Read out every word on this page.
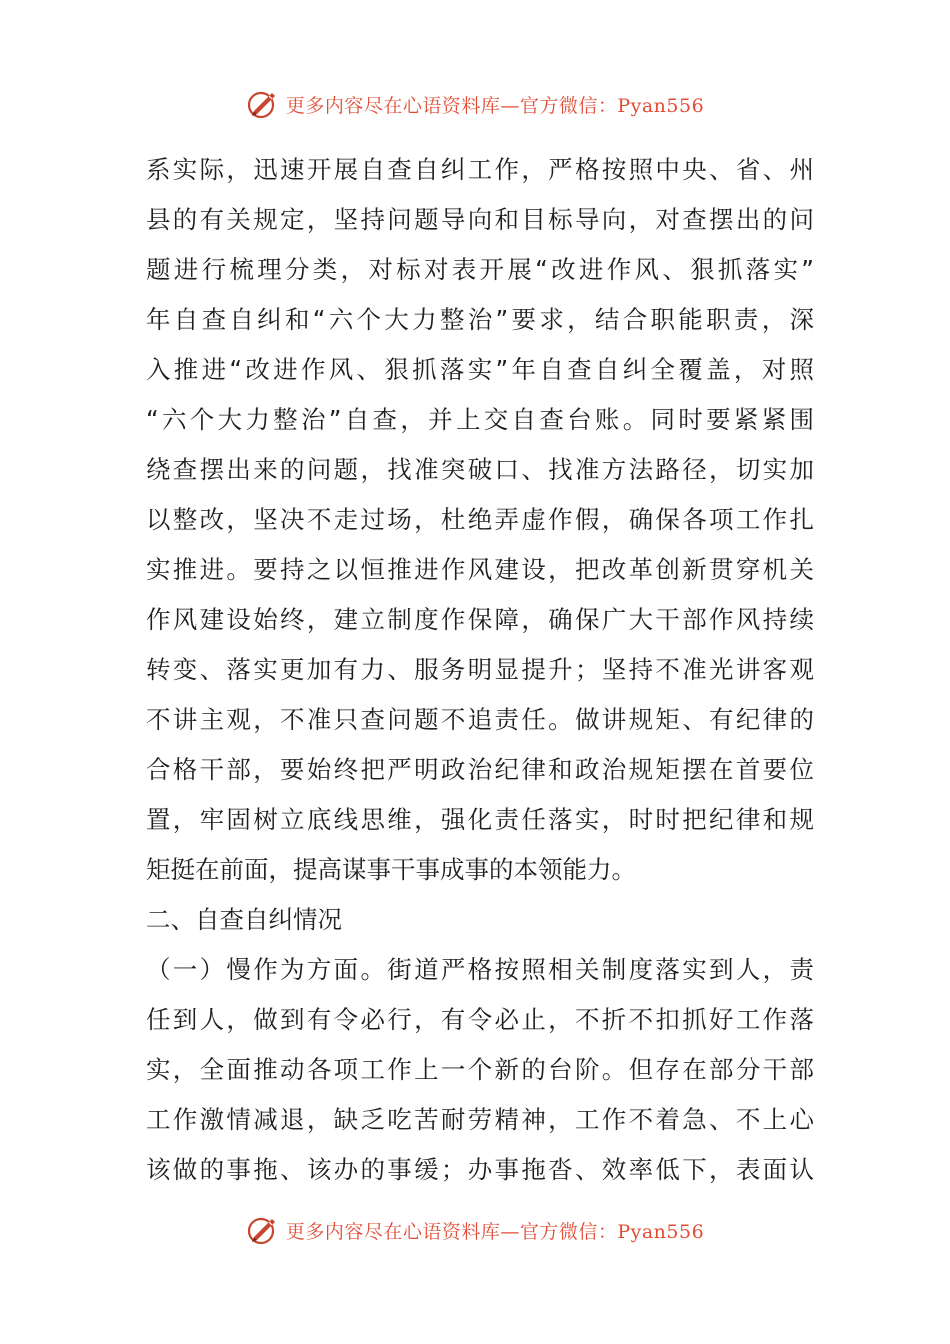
更多内容尽在心语资料库—官方微信：Pyan556
系实际，迅速开展自查自纠工作，严格按照中央、省、州
县的有关规定，坚持问题导向和目标导向，对查摆出的问
题进行梳理分类，对标对表开展“改进作风、狠抓落实”
年自查自纠和“六个大力整治”要求，结合职能职责，深
入推进“改进作风、狠抓落实”年自查自纠全覆盖，对照
“六个大力整治”自查，并上交自查台账。同时要紧紧围
绕查摆出来的问题，找准突破口、找准方法路径，切实加
以整改，坚决不走过场，杜绝弄虚作假，确保各项工作扎
实推进。要持之以恒推进作风建设，把改革创新贯穿机关
作风建设始终，建立制度作保障，确保广大干部作风持续
转变、落实更加有力、服务明显提升；坚持不准光讲客观
不讲主观，不准只查问题不追责任。做讲规矩、有纪律的
合格干部，要始终把严明政治纪律和政治规矩摆在首要位
置，牢固树立底线思维，强化责任落实，时时把纪律和规
矩挺在前面，提高谋事干事成事的本领能力。
二、自查自纠情况
（一）慢作为方面。街道严格按照相关制度落实到人，责
任到人，做到有令必行，有令必止，不折不扣抓好工作落
实，全面推动各项工作上一个新的台阶。但存在部分干部
工作激情减退，缺乏吃苦耐劳精神，工作不着急、不上心
该做的事拖、该办的事缓；办事拖沓、效率低下，表面认
更多内容尽在心语资料库—官方微信：Pyan556
